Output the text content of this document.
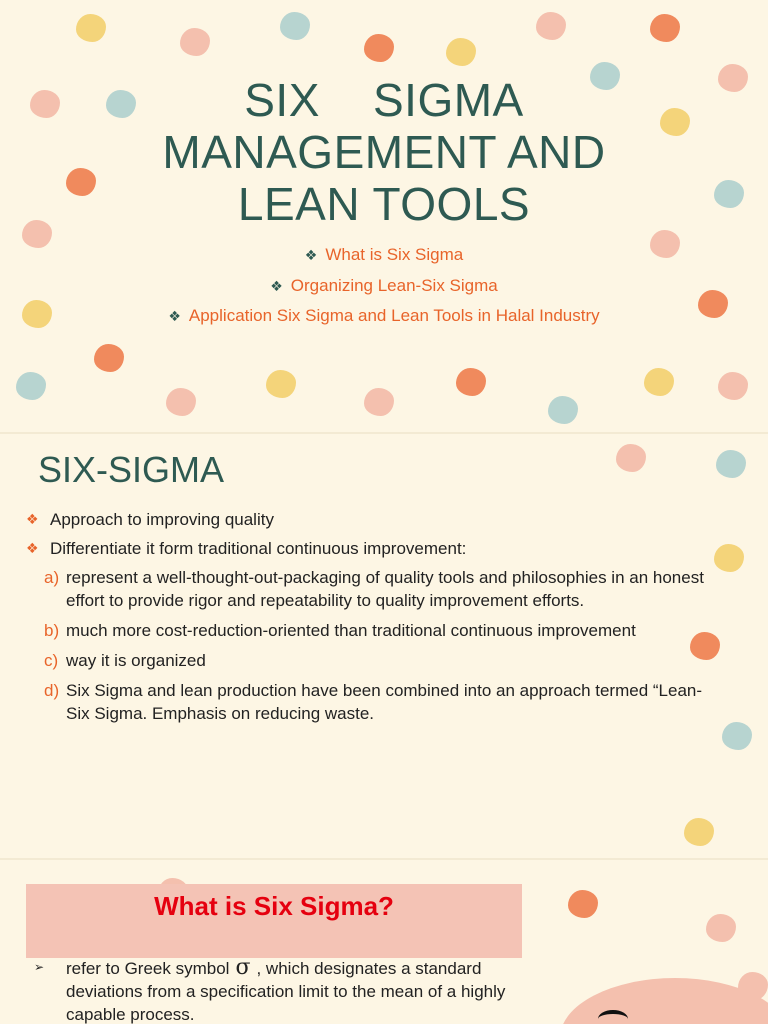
SIX    SIGMA
MANAGEMENT AND
LEAN TOOLS
❖ What is Six Sigma
❖ Organizing Lean-Six Sigma
❖ Application Six Sigma and Lean Tools in Halal Industry
SIX-SIGMA
❖ Approach to improving quality
❖ Differentiate it form traditional continuous improvement:
a) represent a well-thought-out-packaging of quality tools and philosophies in an honest effort to provide rigor and repeatability to quality improvement efforts.
b) much more cost-reduction-oriented than traditional continuous improvement
c) way it is organized
d) Six Sigma and lean production have been combined into an approach termed “Lean-Six Sigma. Emphasis on reducing waste.
What is Six Sigma?
➢ refer to Greek symbol σ , which designates a standard deviations from a specification limit to the mean of a highly capable process.
